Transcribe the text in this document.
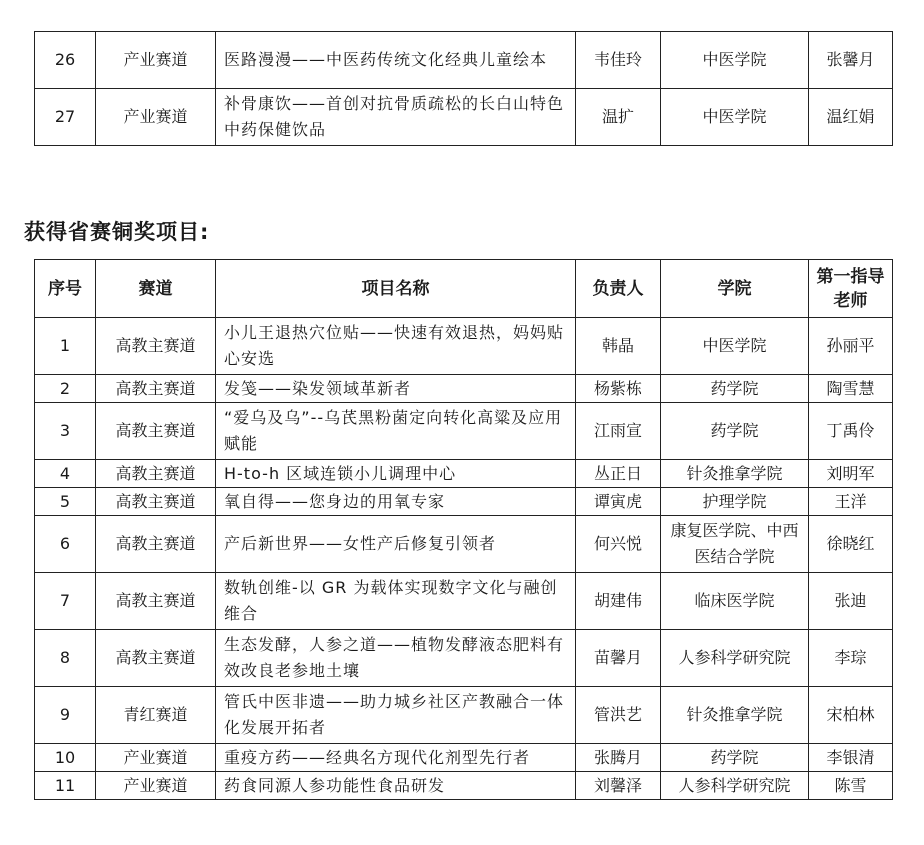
26	产业赛道	医路漫漫——中医药传统文化经典儿童绘本	韦佳玲	中医学院	张馨月
27	产业赛道	补骨康饮——首创对抗骨质疏松的长白山特色中药保健饮品	温扩	中医学院	温红娟
获得省赛铜奖项目:
序号	赛道	项目名称	负责人	学院	第一指导老师
1	高教主赛道	小儿王退热穴位贴——快速有效退热，妈妈贴心安选	韩晶	中医学院	孙丽平
2	高教主赛道	发笺——染发领域革新者	杨紫栋	药学院	陶雪慧
3	高教主赛道	“爱乌及乌”--乌芪黑粉菌定向转化高粱及应用赋能	江雨宣	药学院	丁禹伶
4	高教主赛道	H-to-h 区域连锁小儿调理中心	丛正日	针灸推拿学院	刘明军
5	高教主赛道	氧自得——您身边的用氧专家	谭寅虎	护理学院	王洋
6	高教主赛道	产后新世界——女性产后修复引领者	何兴悦	康复医学院、中西医结合学院	徐晓红
7	高教主赛道	数轨创维-以 GR 为载体实现数字文化与融创维合	胡建伟	临床医学院	张迪
8	高教主赛道	生态发酵，人参之道——植物发酵液态肥料有效改良老参地土壤	苗馨月	人参科学研究院	李琮
9	青红赛道	管氏中医非遗——助力城乡社区产教融合一体化发展开拓者	管洪艺	针灸推拿学院	宋柏林
10	产业赛道	重疫方药——经典名方现代化剂型先行者	张腾月	药学院	李银清
11	产业赛道	药食同源人参功能性食品研发	刘馨泽	人参科学研究院	陈雪
